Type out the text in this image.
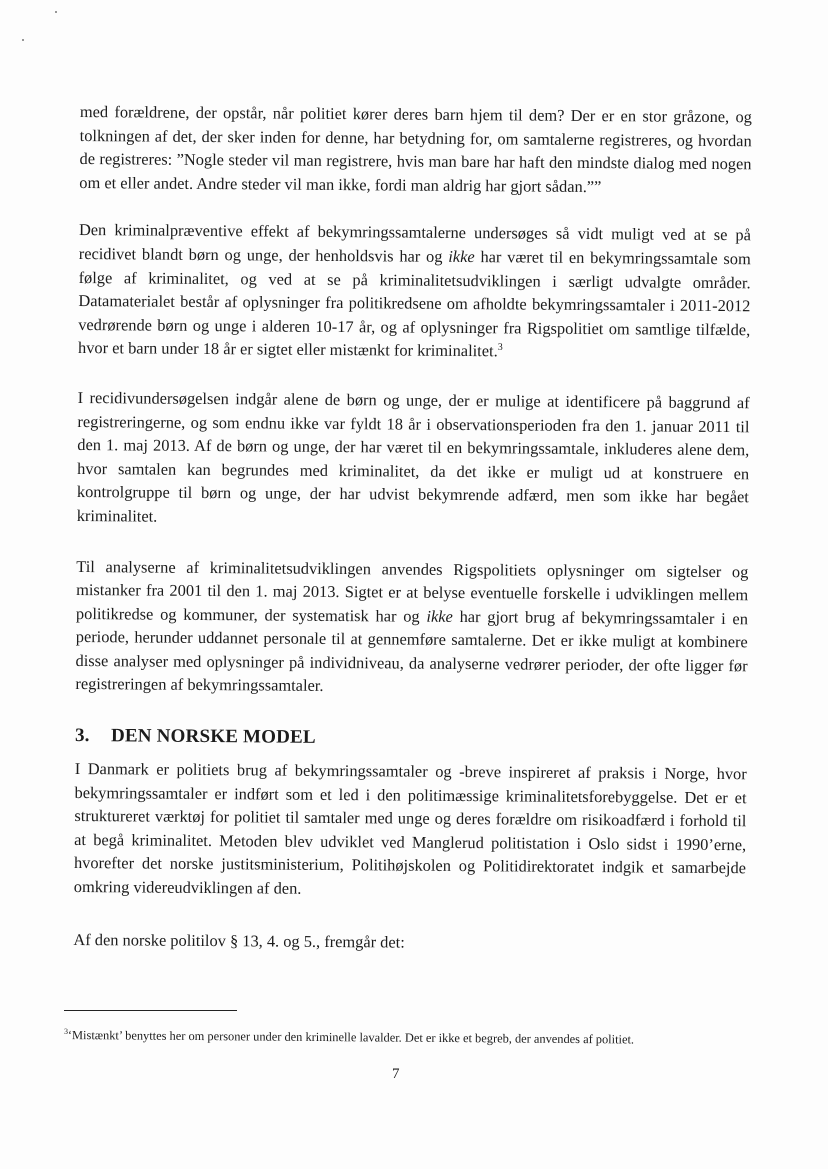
med forældrene, der opstår, når politiet kører deres barn hjem til dem? Der er en stor gråzone, og tolkningen af det, der sker inden for denne, har betydning for, om samtalerne registreres, og hvordan de registreres: ”Nogle steder vil man registrere, hvis man bare har haft den mindste dialog med nogen om et eller andet. Andre steder vil man ikke, fordi man aldrig har gjort sådan.””

Den kriminalpræventive effekt af bekymringssamtalerne undersøges så vidt muligt ved at se på recidivet blandt børn og unge, der henholdsvis har og ikke har været til en bekymringssamtale som følge af kriminalitet, og ved at se på kriminalitetsudviklingen i særligt udvalgte områder. Datamaterialet består af oplysninger fra politikredsene om afholdte bekymringssamtaler i 2011-2012 vedrørende børn og unge i alderen 10-17 år, og af oplysninger fra Rigspolitiet om samtlige tilfælde, hvor et barn under 18 år er sigtet eller mistænkt for kriminalitet.$^3$

I recidivundersøgelsen indgår alene de børn og unge, der er mulige at identificere på baggrund af registreringerne, og som endnu ikke var fyldt 18 år i observationsperioden fra den 1. januar 2011 til den 1. maj 2013. Af de børn og unge, der har været til en bekymringssamtale, inkluderes alene dem, hvor samtalen kan begrundes med kriminalitet, da det ikke er muligt ud at konstruere en kontrolgruppe til børn og unge, der har udvist bekymrende adfærd, men som ikke har begået kriminalitet.

Til analyserne af kriminalitetsudviklingen anvendes Rigspolitiets oplysninger om sigtelser og mistanker fra 2001 til den 1. maj 2013. Sigtet er at belyse eventuelle forskelle i udviklingen mellem politikredse og kommuner, der systematisk har og ikke har gjort brug af bekymringssamtaler i en periode, herunder uddannet personale til at gennemføre samtalerne. Det er ikke muligt at kombinere disse analyser med oplysninger på individniveau, da analyserne vedrører perioder, der ofte ligger før registreringen af bekymringssamtaler.

3. DEN NORSKE MODEL

I Danmark er politiets brug af bekymringssamtaler og -breve inspireret af praksis i Norge, hvor bekymringssamtaler er indført som et led i den politimæssige kriminalitetsforebyggelse. Det er et struktureret værktøj for politiet til samtaler med unge og deres forældre om risikoadfærd i forhold til at begå kriminalitet. Metoden blev udviklet ved Manglerud politistation i Oslo sidst i 1990’erne, hvorefter det norske justitsministerium, Politihøjskolen og Politidirektoratet indgik et samarbejde omkring videreudviklingen af den.

Af den norske politilov § 13, 4. og 5., fremgår det:

$^3$‘Mistænkt’ benyttes her om personer under den kriminelle lavalder. Det er ikke et begreb, der anvendes af politiet.
7
